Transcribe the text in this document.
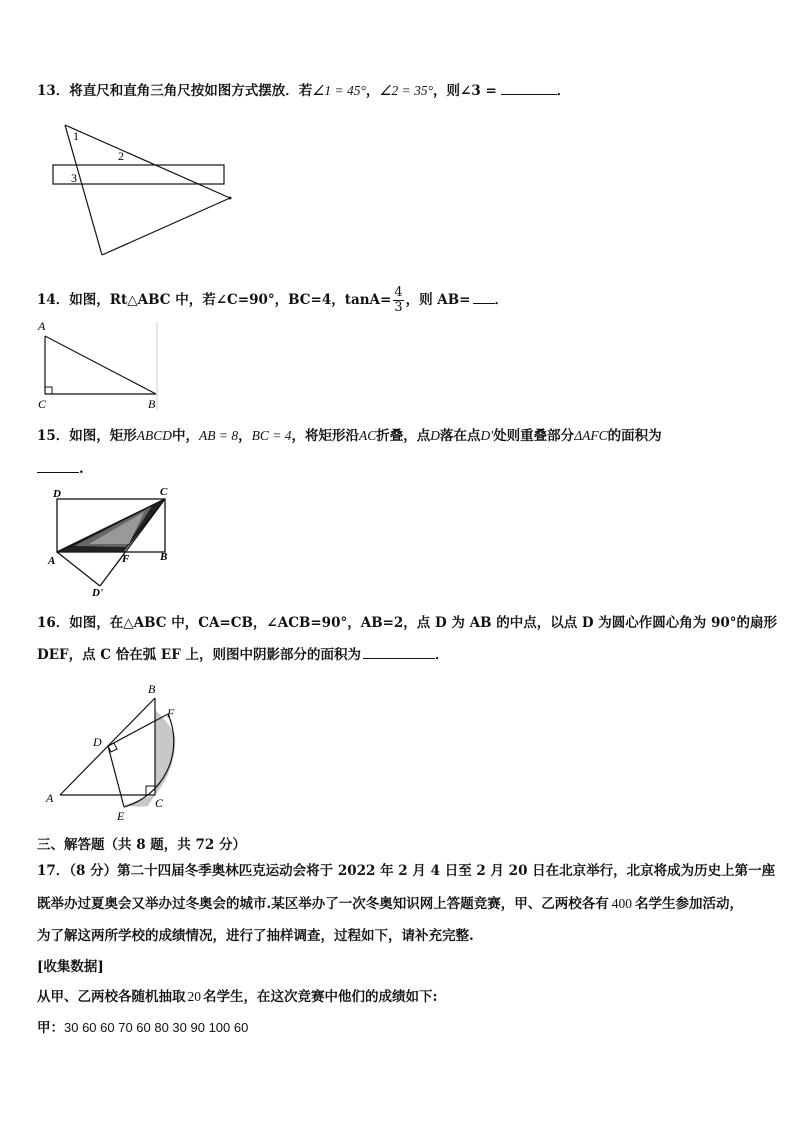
13．将直尺和直角三角尺按如图方式摆放．若∠1 = 45°，∠2 = 35°，则∠3 =	．
1
2
3
14．如图，Rt△ABC 中，若∠C=90°，BC=4，$\tan A= \frac{4}{3}$ ，则 AB= ．
A
C	B
15．如图，矩形ABCD中，AB = 8，BC = 4，将矩形沿AC折叠，点D落在点D'处则重叠部分ΔAFC的面积为
.
D	C
A	F	B
D'
16．如图，在△ABC 中，CA=CB，∠ACB=90°，AB=2，点 D 为 AB 的中点，以点 D 为圆心作圆心角为 90°的扇形
DEF，点 C 恰在弧 EF 上，则图中阴影部分的面积为	．
B
F
D
A	C
E
三、解答题（共 8 题，共 72 分）
17．（8 分）第二十四届冬季奥林匹克运动会将于 2022 年 2 月 4 日至 2 月 20 日在北京举行，北京将成为历史上第一座
既举办过夏奥会又举办过冬奥会的城市.某区举办了一次冬奥知识网上答题竞赛，甲、乙两校各有 400 名学生参加活动，
为了解这两所学校的成绩情况，进行了抽样调查，过程如下，请补充完整.
[收集数据]
从甲、乙两校各随机抽取 20 名学生，在这次竞赛中他们的成绩如下:
甲：30 60 60 70 60 80 30 90 100 60
